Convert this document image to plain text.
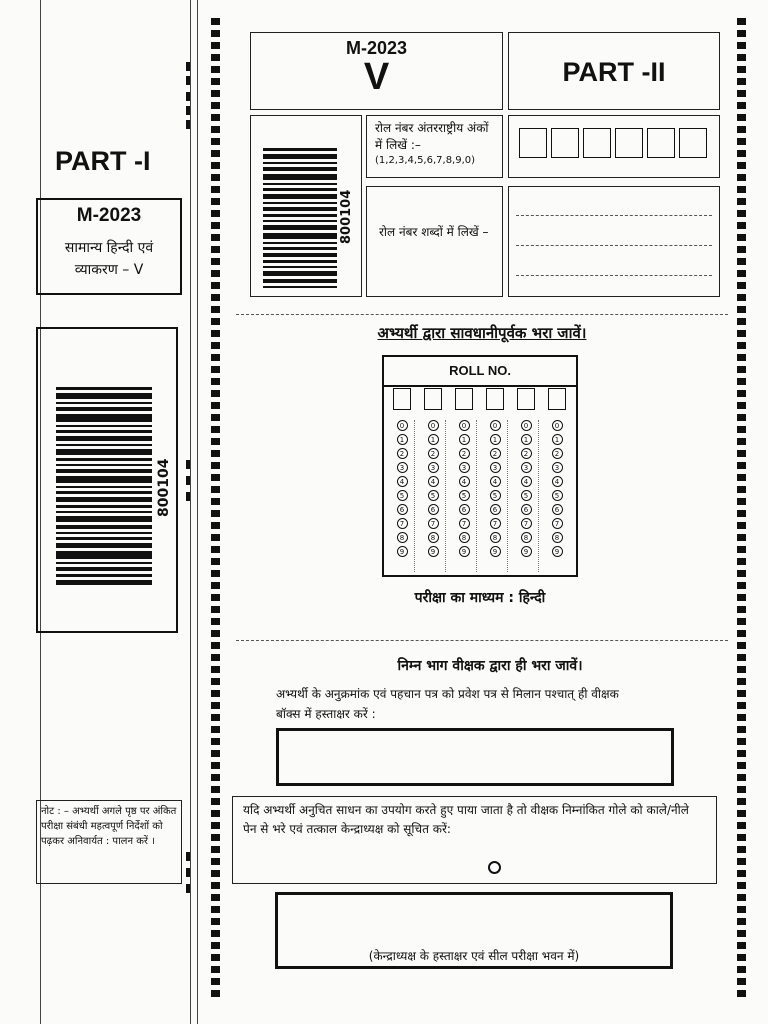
PART -I
M-2023
सामान्य हिन्दी एवं व्याकरण – V
800104
नोट : – अभ्यर्थी अगले पृष्ठ पर अंकित परीक्षा संबंधी महत्वपूर्ण निर्देशों को पढ़कर अनिवार्यत : पालन करें ।
M-2023
V	PART -II
800104
रोल नंबर अंतरराष्ट्रीय अंकों में लिखें :–
(1,2,3,4,5,6,7,8,9,0)
रोल नंबर शब्दों में लिखें –
अभ्यर्थी द्वारा सावधानीपूर्वक भरा जावें।
ROLL NO.
0
1
2
3
4
5
6
7
8
9
0
1
2
3
4
5
6
7
8
9
0
1
2
3
4
5
6
7
8
9
0
1
2
3
4
5
6
7
8
9
0
1
2
3
4
5
6
7
8
9
0
1
2
3
4
5
6
7
8
9
परीक्षा का माध्यम : हिन्दी
निम्न भाग वीक्षक द्वारा ही भरा जावें।
अभ्यर्थी के अनुक्रमांक एवं पहचान पत्र को प्रवेश पत्र से मिलान पश्चात् ही वीक्षक बॉक्स में हस्ताक्षर करें :
यदि अभ्यर्थी अनुचित साधन का उपयोग करते हुए पाया जाता है तो वीक्षक निम्नांकित गोले को काले/नीले पेन से भरे एवं तत्काल केन्द्राध्यक्ष को सूचित करें:
(केन्द्राध्यक्ष के हस्ताक्षर एवं सील परीक्षा भवन में)
